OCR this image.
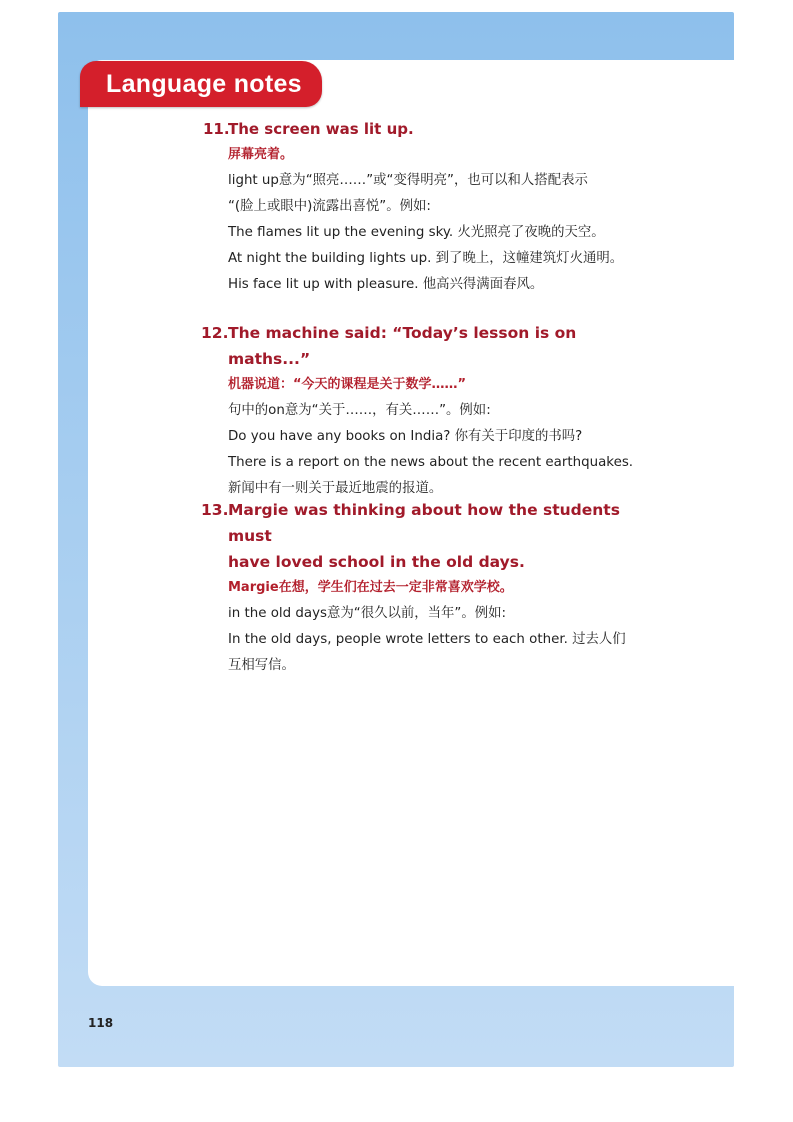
Language notes
11.
The screen was lit up.
屏幕亮着。
light up意为“照亮……”或“变得明亮”，也可以和人搭配表示
“(脸上或眼中)流露出喜悦”。例如:
The flames lit up the evening sky. 火光照亮了夜晚的天空。
At night the building lights up. 到了晚上，这幢建筑灯火通明。
His face lit up with pleasure. 他高兴得满面春风。
12. The machine said: “Today’s lesson is on maths...”
机器说道：“今天的课程是关于数学……”
句中的on意为“关于……，有关……”。例如:
Do you have any books on India? 你有关于印度的书吗?
There is a report on the news about the recent earthquakes.
新闻中有一则关于最近地震的报道。
13. Margie was thinking about how the students must
have loved school in the old days.
Margie在想，学生们在过去一定非常喜欢学校。
in the old days意为“很久以前，当年”。例如:
In the old days, people wrote letters to each other. 过去人们
互相写信。
118
